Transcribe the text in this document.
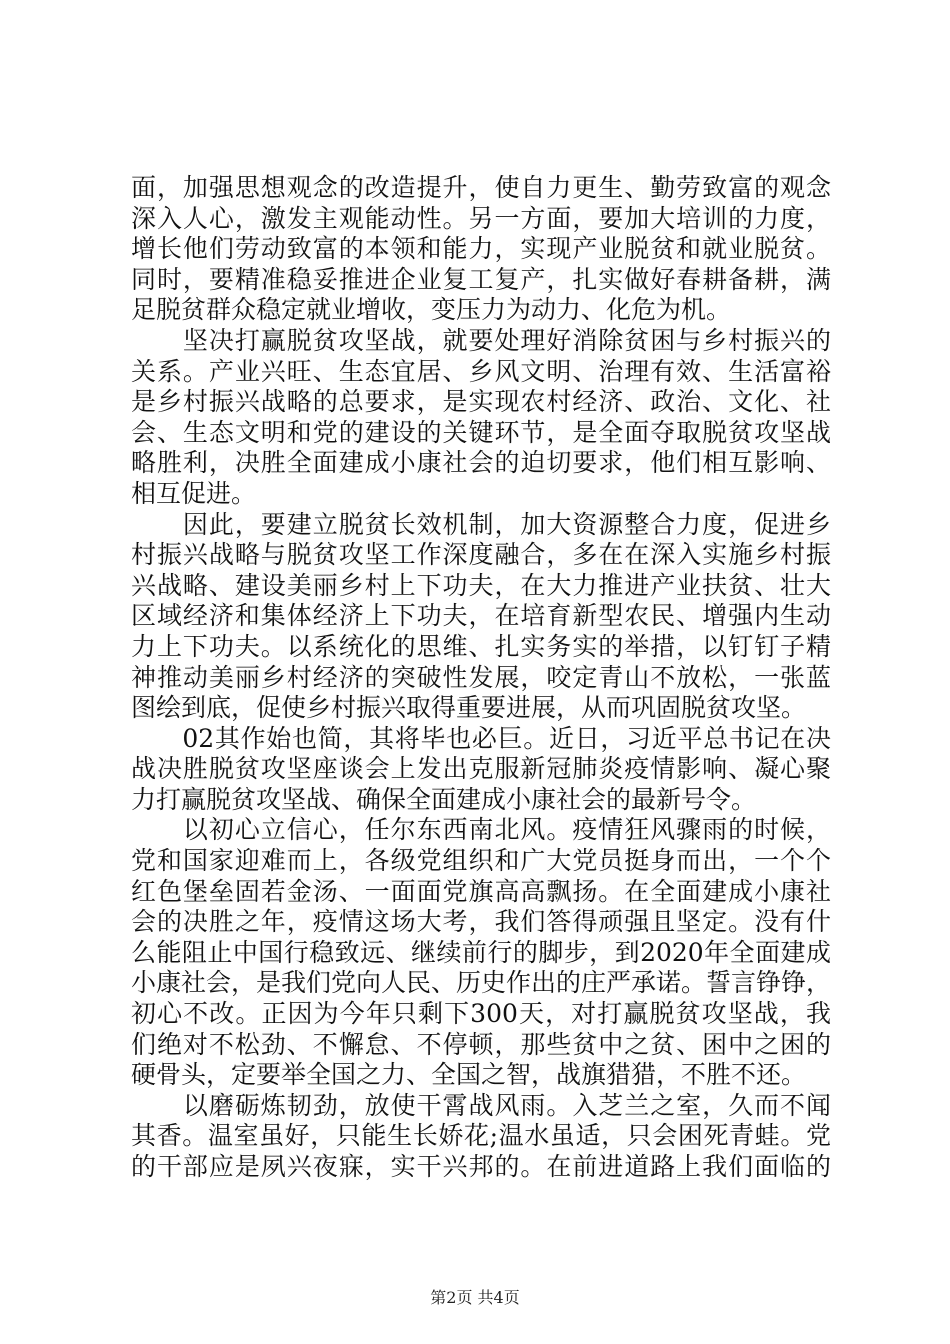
面，加强思想观念的改造提升，使自力更生、勤劳致富的观念
深入人心，激发主观能动性。另一方面，要加大培训的力度，
增长他们劳动致富的本领和能力，实现产业脱贫和就业脱贫。
同时，要精准稳妥推进企业复工复产，扎实做好春耕备耕，满
足脱贫群众稳定就业增收，变压力为动力、化危为机。
　　坚决打赢脱贫攻坚战，就要处理好消除贫困与乡村振兴的
关系。产业兴旺、生态宜居、乡风文明、治理有效、生活富裕
是乡村振兴战略的总要求，是实现农村经济、政治、文化、社
会、生态文明和党的建设的关键环节，是全面夺取脱贫攻坚战
略胜利，决胜全面建成小康社会的迫切要求，他们相互影响、
相互促进。
　　因此，要建立脱贫长效机制，加大资源整合力度，促进乡
村振兴战略与脱贫攻坚工作深度融合，多在在深入实施乡村振
兴战略、建设美丽乡村上下功夫，在大力推进产业扶贫、壮大
区域经济和集体经济上下功夫，在培育新型农民、增强内生动
力上下功夫。以系统化的思维、扎实务实的举措，以钉钉子精
神推动美丽乡村经济的突破性发展，咬定青山不放松，一张蓝
图绘到底，促使乡村振兴取得重要进展，从而巩固脱贫攻坚。
　　02其作始也简，其将毕也必巨。近日，习近平总书记在决
战决胜脱贫攻坚座谈会上发出克服新冠肺炎疫情影响、凝心聚
力打赢脱贫攻坚战、确保全面建成小康社会的最新号令。
　　以初心立信心，任尔东西南北风。疫情狂风骤雨的时候，
党和国家迎难而上，各级党组织和广大党员挺身而出，一个个
红色堡垒固若金汤、一面面党旗高高飘扬。在全面建成小康社
会的决胜之年，疫情这场大考，我们答得顽强且坚定。没有什
么能阻止中国行稳致远、继续前行的脚步，到2020年全面建成
小康社会，是我们党向人民、历史作出的庄严承诺。誓言铮铮，
初心不改。正因为今年只剩下300天，对打赢脱贫攻坚战，我
们绝对不松劲、不懈怠、不停顿，那些贫中之贫、困中之困的
硬骨头，定要举全国之力、全国之智，战旗猎猎，不胜不还。
　　以磨砺炼韧劲，放使干霄战风雨。入芝兰之室，久而不闻
其香。温室虽好，只能生长娇花;温水虽适，只会困死青蛙。党
的干部应是夙兴夜寐，实干兴邦的。在前进道路上我们面临的
第2页 共4页
